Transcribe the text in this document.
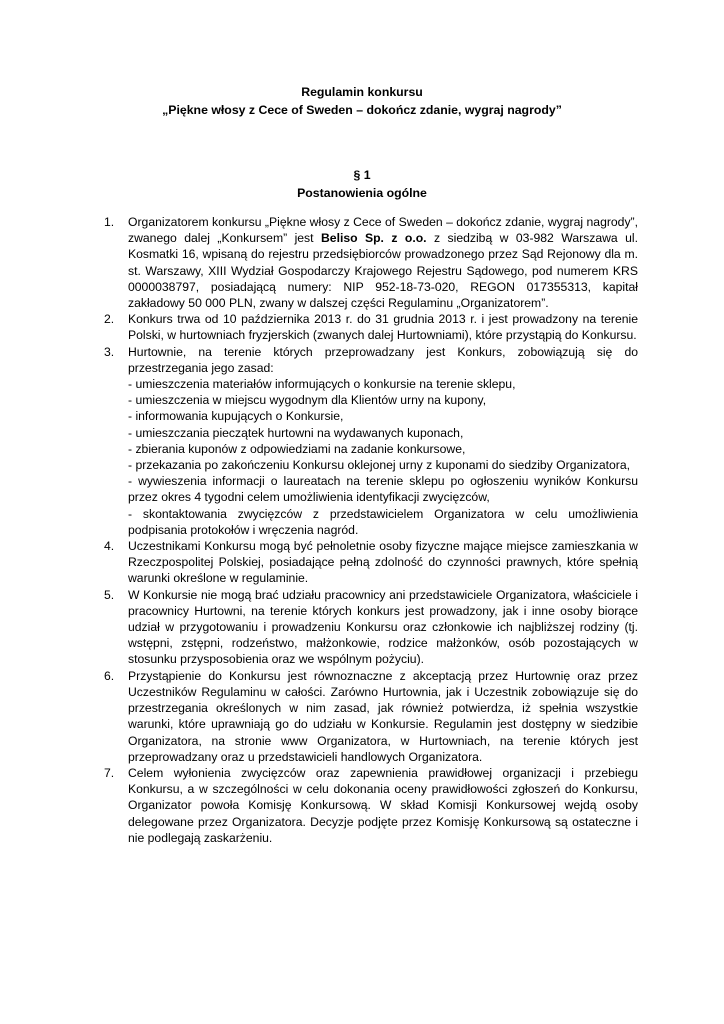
Regulamin konkursu

„Piękne włosy z Cece of Sweden – dokończ zdanie, wygraj nagrody”

§ 1

Postanowienia ogólne

1.	Organizatorem konkursu „Piękne włosy z Cece of Sweden – dokończ zdanie, wygraj nagrody”, zwanego dalej „Konkursem” jest Beliso Sp. z o.o. z siedzibą w 03-982 Warszawa ul. Kosmatki 16, wpisaną do rejestru przedsiębiorców prowadzonego przez Sąd Rejonowy dla m. st. Warszawy, XIII Wydział Gospodarczy Krajowego Rejestru Sądowego, pod numerem KRS 0000038797, posiadającą numery: NIP 952-18-73-020, REGON 017355313, kapitał zakładowy 50 000 PLN, zwany w dalszej części Regulaminu „Organizatorem”.
2.	Konkurs trwa od 10 października 2013 r. do 31 grudnia 2013 r. i jest prowadzony na terenie Polski, w hurtowniach fryzjerskich (zwanych dalej Hurtowniami), które przystąpią do Konkursu.
3.	Hurtownie, na terenie których przeprowadzany jest Konkurs, zobowiązują się do przestrzegania jego zasad:
- umieszczenia materiałów informujących o konkursie na terenie sklepu,
- umieszczenia w miejscu wygodnym dla Klientów urny na kupony,
- informowania kupujących o Konkursie,
- umieszczania pieczątek hurtowni na wydawanych kuponach,
- zbierania kuponów z odpowiedziami na zadanie konkursowe,
- przekazania po zakończeniu Konkursu oklejonej urny z kuponami do siedziby Organizatora,
- wywieszenia informacji o laureatach na terenie sklepu po ogłoszeniu wyników Konkursu przez okres 4 tygodni celem umożliwienia identyfikacji zwycięzców,
- skontaktowania zwycięzców z przedstawicielem Organizatora w celu umożliwienia podpisania protokołów i wręczenia nagród.
4.	Uczestnikami Konkursu mogą być pełnoletnie osoby fizyczne mające miejsce zamieszkania w Rzeczpospolitej Polskiej, posiadające pełną zdolność do czynności prawnych, które spełnią warunki określone w regulaminie.
5.	W Konkursie nie mogą brać udziału pracownicy ani przedstawiciele Organizatora, właściciele i pracownicy Hurtowni, na terenie których konkurs jest prowadzony, jak i inne osoby biorące udział w przygotowaniu i prowadzeniu Konkursu oraz członkowie ich najbliższej rodziny (tj. wstępni, zstępni, rodzeństwo, małżonkowie, rodzice małżonków, osób pozostających w stosunku przysposobienia oraz we wspólnym pożyciu).
6.	Przystąpienie do Konkursu jest równoznaczne z akceptacją przez Hurtownię oraz przez Uczestników Regulaminu w całości. Zarówno Hurtownia, jak i Uczestnik zobowiązuje się do przestrzegania określonych w nim zasad, jak również potwierdza, iż spełnia wszystkie warunki, które uprawniają go do udziału w Konkursie. Regulamin jest dostępny w siedzibie Organizatora, na stronie www Organizatora, w Hurtowniach, na terenie których jest przeprowadzany oraz u przedstawicieli handlowych Organizatora.
7.	Celem wyłonienia zwycięzców oraz zapewnienia prawidłowej organizacji i przebiegu Konkursu, a w szczególności w celu dokonania oceny prawidłowości zgłoszeń do Konkursu, Organizator powoła Komisję Konkursową. W skład Komisji Konkursowej wejdą osoby delegowane przez Organizatora. Decyzje podjęte przez Komisję Konkursową są ostateczne i nie podlegają zaskarżeniu.
